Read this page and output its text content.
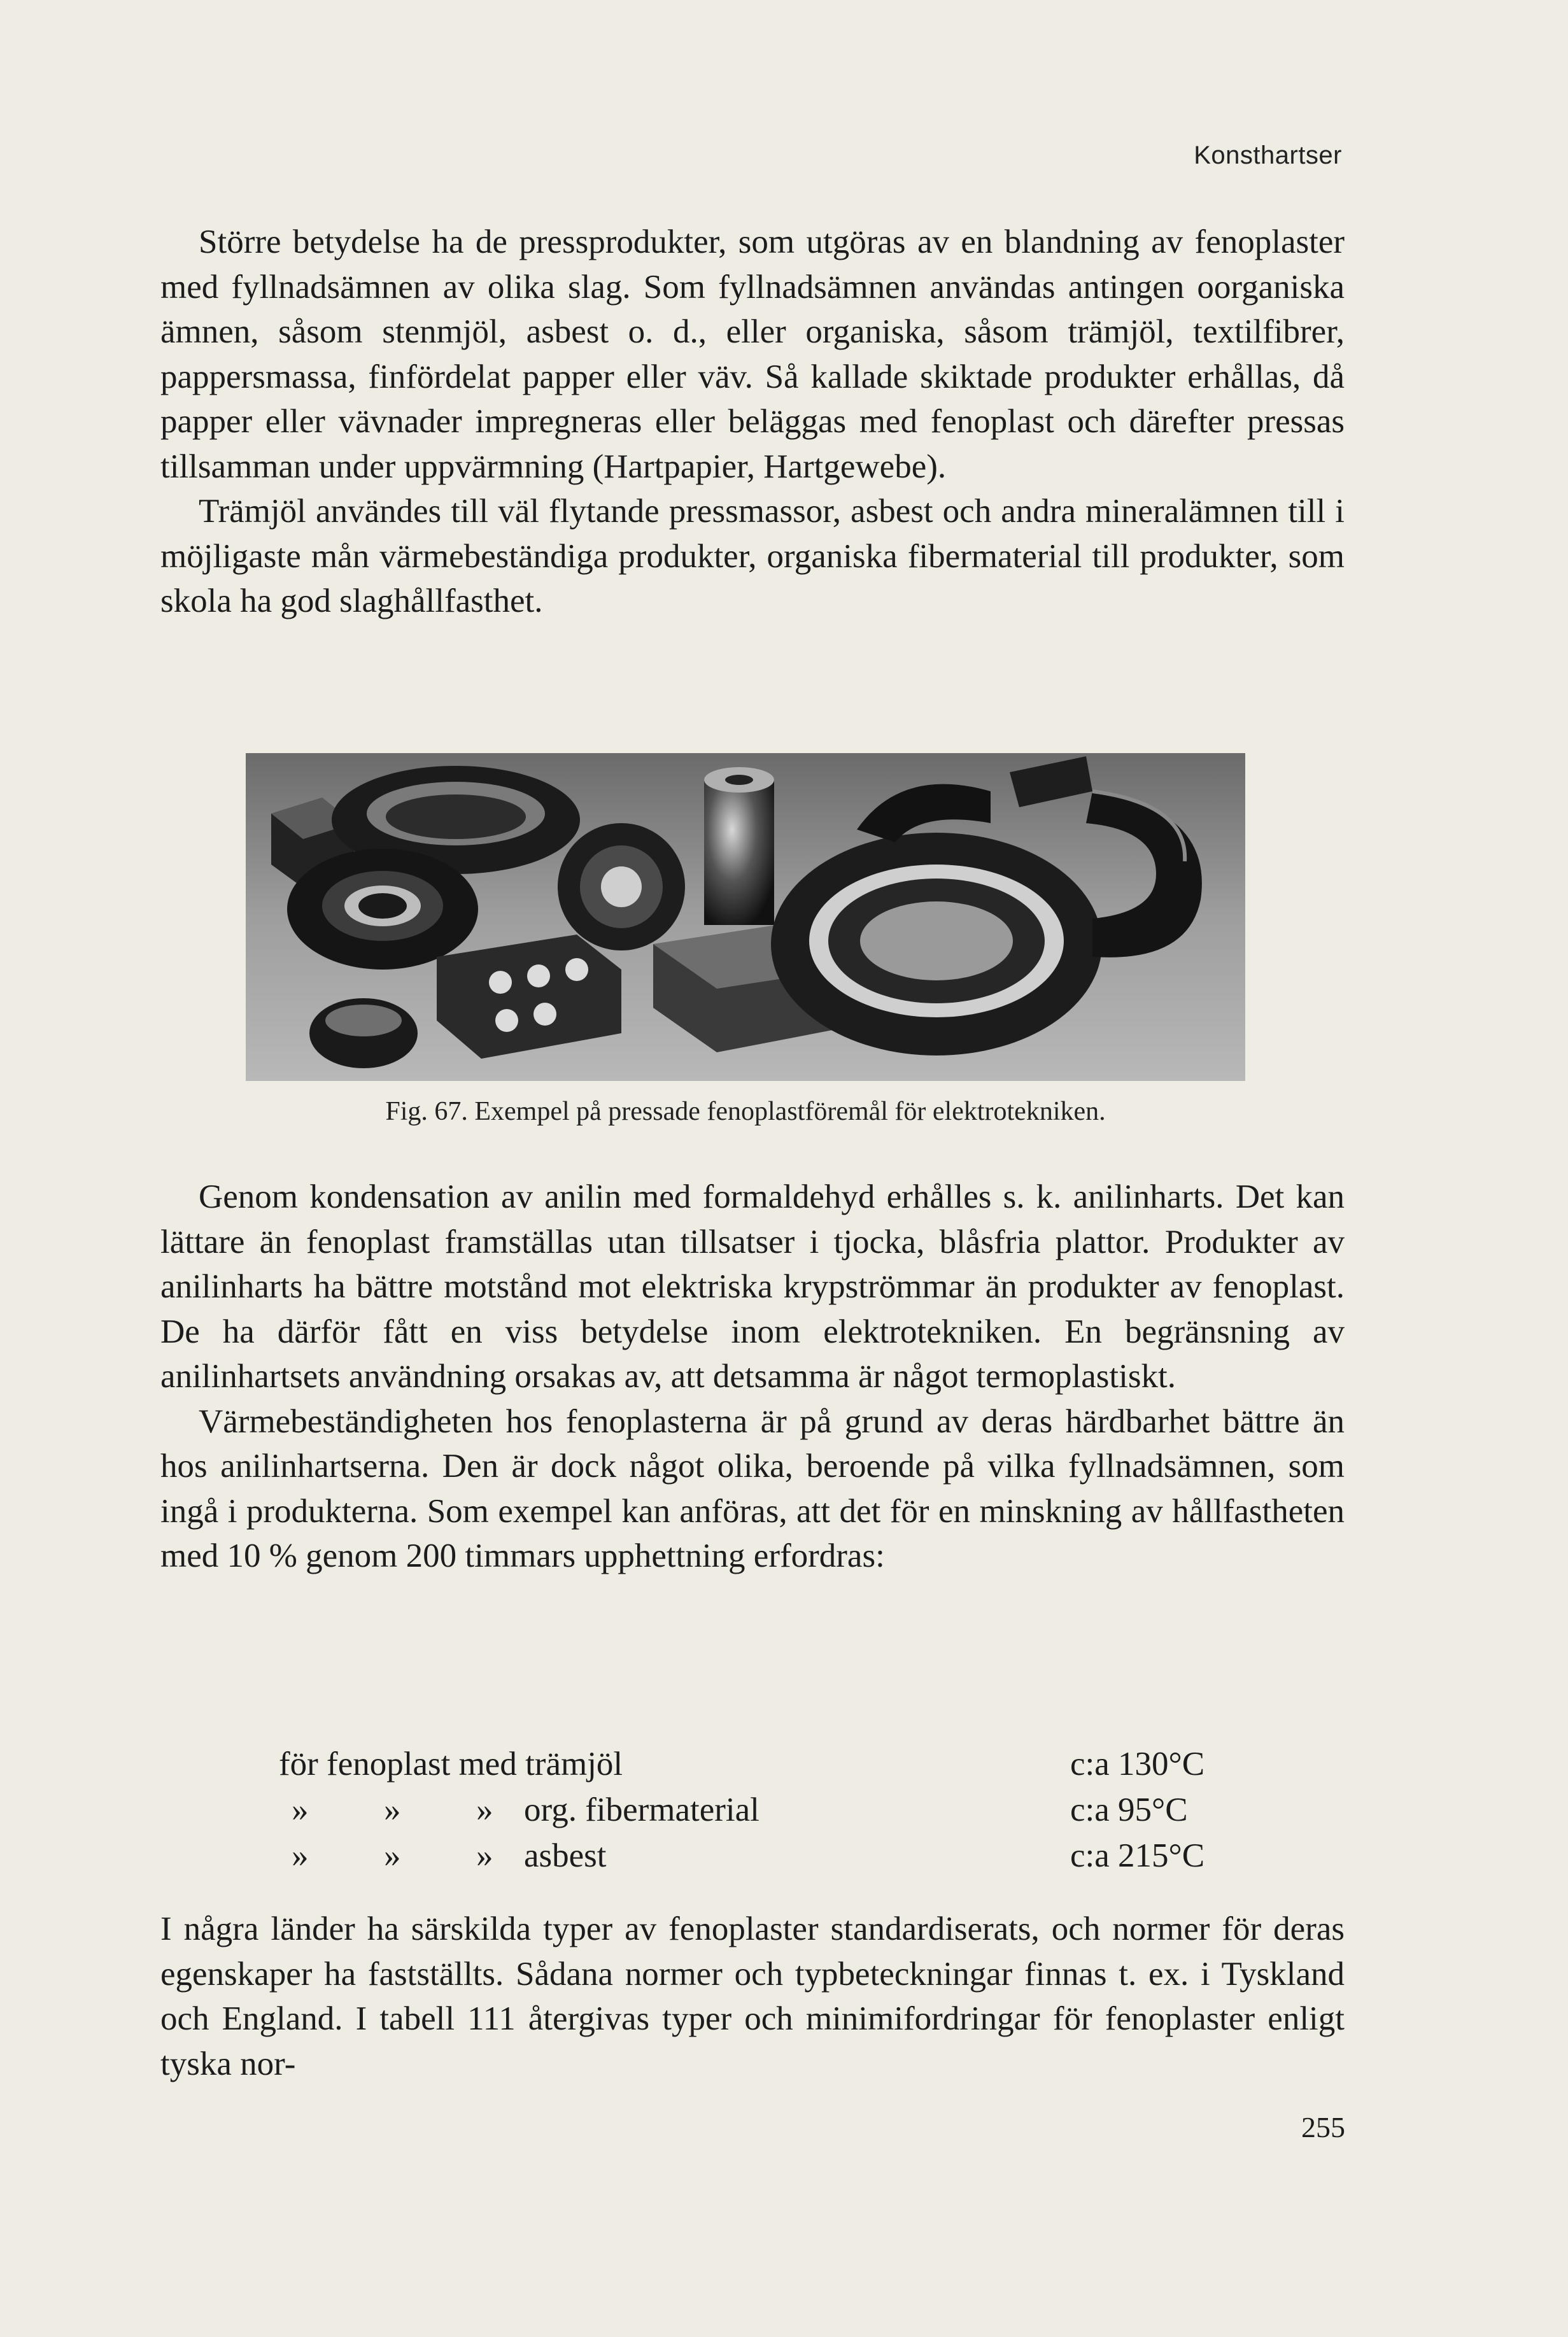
Konsthartser

Större betydelse ha de pressprodukter, som utgöras av en blandning av fenoplaster med fyllnadsämnen av olika slag. Som fyllnadsämnen användas antingen oorganiska ämnen, såsom stenmjöl, asbest o. d., eller organiska, såsom trämjöl, textilfibrer, pappersmassa, finfördelat papper eller väv. Så kallade skiktade produkter erhållas, då papper eller vävnader impregneras eller beläggas med fenoplast och därefter pressas tillsamman under uppvärmning (Hartpapier, Hartgewebe).

Trämjöl användes till väl flytande pressmassor, asbest och andra mineralämnen till i möjligaste mån värmebeständiga produkter, organiska fibermaterial till produkter, som skola ha god slaghållfasthet.

Fig. 67. Exempel på pressade fenoplastföremål för elektrotekniken.

Genom kondensation av anilin med formaldehyd erhålles s. k. anilinharts. Det kan lättare än fenoplast framställas utan tillsatser i tjocka, blåsfria plattor. Produkter av anilinharts ha bättre motstånd mot elektriska krypströmmar än produkter av fenoplast. De ha därför fått en viss betydelse inom elektrotekniken. En begränsning av anilinhartsets användning orsakas av, att detsamma är något termoplastiskt.

Värmebeständigheten hos fenoplasterna är på grund av deras härdbarhet bättre än hos anilinhartserna. Den är dock något olika, beroende på vilka fyllnadsämnen, som ingå i produkterna. Som exempel kan anföras, att det för en minskning av hållfastheten med 10 % genom 200 timmars upphettning erfordras:

för fenoplast med trämjöl	c:a 130°C
» » » org. fibermaterial	c:a 95°C
» » » asbest	c:a 215°C

I några länder ha särskilda typer av fenoplaster standardiserats, och normer för deras egenskaper ha fastställts. Sådana normer och typbeteckningar finnas t. ex. i Tyskland och England. I tabell 111 återgivas typer och minimifordringar för fenoplaster enligt tyska nor-

255
